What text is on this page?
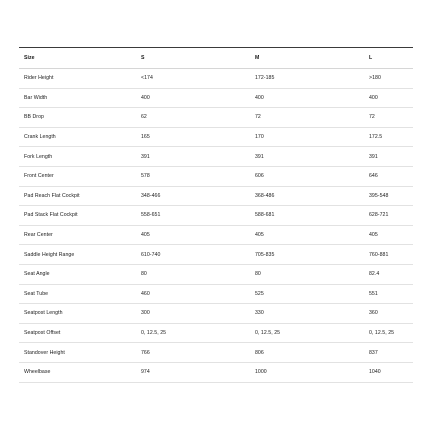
Size	S	M	L
Rider Height	<174	172-185	>180
Bar Width	400	400	400
BB Drop	62	72	72
Crank Length	165	170	172.5
Fork Length	391	391	391
Front Center	578	606	646
Pad Reach Flat Cockpit	348-466	368-486	395-548
Pad Stack Flat Cockpit	558-651	588-681	628-721
Rear Center	405	405	405
Saddle Height Range	610-740	705-835	760-881
Seat Angle	80	80	82.4
Seat Tube	460	525	551
Seatpost Length	300	330	360
Seatpost Offset	0, 12.5, 25	0, 12.5, 25	0, 12.5, 25
Standover Height	766	806	837
Wheelbase	974	1000	1040
